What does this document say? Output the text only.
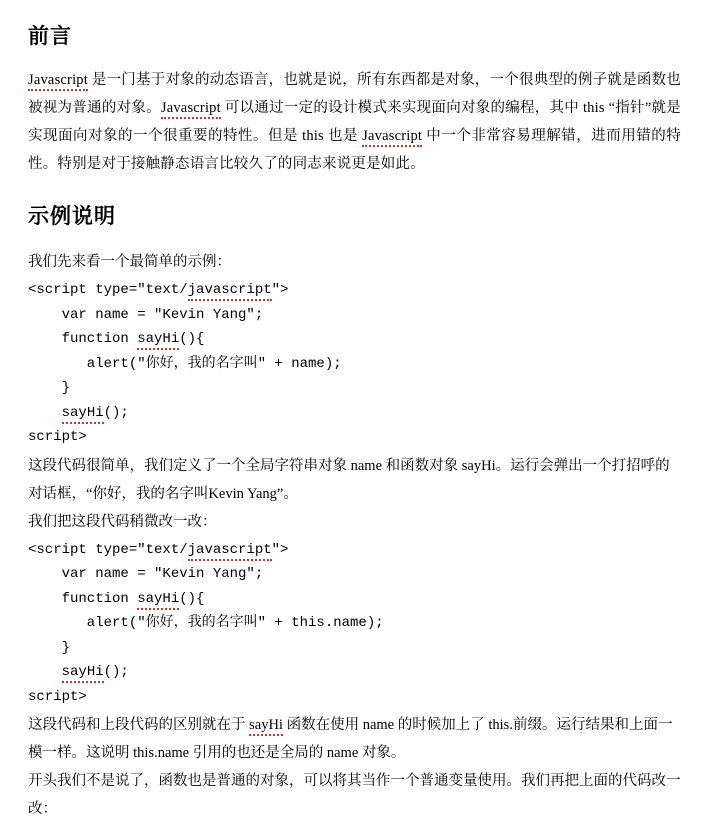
前言

Javascript 是一门基于对象的动态语言，也就是说，所有东西都是对象，一个很典型的例子就是函数也被视为普通的对象。Javascript 可以通过一定的设计模式来实现面向对象的编程，其中 this “指针”就是实现面向对象的一个很重要的特性。但是 this 也是 Javascript 中一个非常容易理解错，进而用错的特性。特别是对于接触静态语言比较久了的同志来说更是如此。

示例说明
我们先来看一个最简单的示例：
<script type="text/javascript">
var name = "Kevin Yang";
function sayHi(){
alert("你好，我的名字叫" + name);
}
sayHi();
script>
这段代码很简单，我们定义了一个全局字符串对象 name 和函数对象 sayHi。运行会弹出一个打招呼的对话框，“你好，我的名字叫Kevin Yang”。
我们把这段代码稍微改一改：
<script type="text/javascript">
var name = "Kevin Yang";
function sayHi(){
alert("你好，我的名字叫" + this.name);
}
sayHi();
script>
这段代码和上段代码的区别就在于 sayHi 函数在使用 name 的时候加上了 this.前缀。运行结果和上面一模一样。这说明 this.name 引用的也还是全局的 name 对象。
开头我们不是说了，函数也是普通的对象，可以将其当作一个普通变量使用。我们再把上面的代码改一改：
